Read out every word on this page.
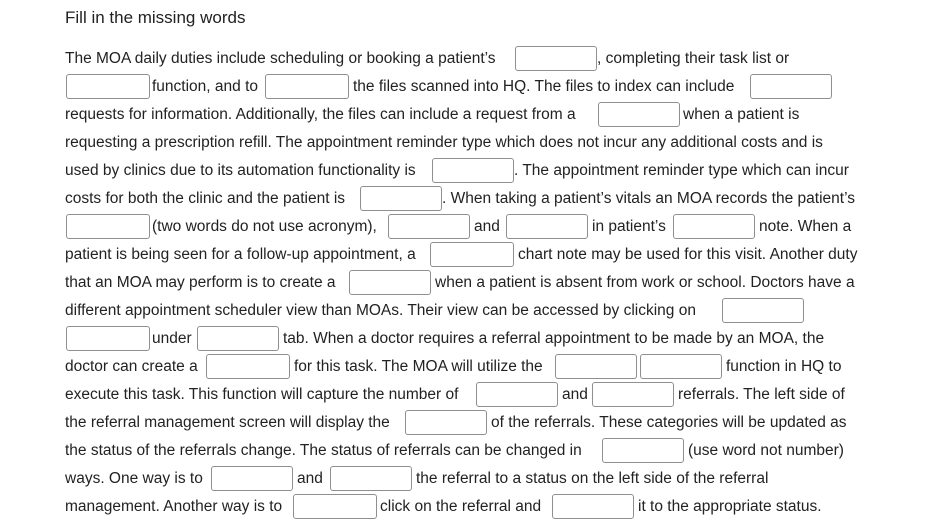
Fill in the missing words
The MOA daily duties include scheduling or booking a patient’s	, completing their task list or
function, and to	the files scanned into HQ. The files to index can include
requests for information. Additionally, the files can include a request from a	when a patient is
requesting a prescription refill. The appointment reminder type which does not incur any additional costs and is
used by clinics due to its automation functionality is	. The appointment reminder type which can incur
costs for both the clinic and the patient is	. When taking a patient’s vitals an MOA records the patient’s
(two words do not use acronym),	and	in patient’s	note. When a
patient is being seen for a follow-up appointment, a	chart note may be used for this visit. Another duty
that an MOA may perform is to create a	when a patient is absent from work or school. Doctors have a
different appointment scheduler view than MOAs. Their view can be accessed by clicking on
under	tab. When a doctor requires a referral appointment to be made by an MOA, the
doctor can create a	for this task. The MOA will utilize the	function in HQ to
execute this task. This function will capture the number of	and	referrals. The left side of
the referral management screen will display the	of the referrals. These categories will be updated as
the status of the referrals change. The status of referrals can be changed in	(use word not number)
ways. One way is to	and	the referral to a status on the left side of the referral
management. Another way is to	click on the referral and	it to the appropriate status.
